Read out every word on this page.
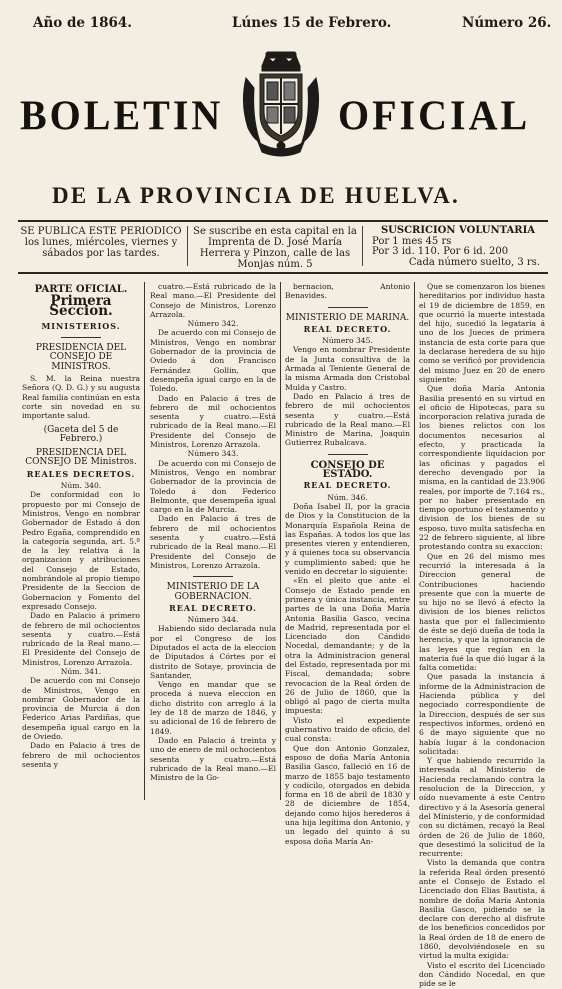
Año de 1864.	Lúnes 15 de Febrero.	Número 26.
BOLETIN	OFICIAL
DE LA PROVINCIA DE HUELVA.
SE PUBLICA ESTE PERIODICO los lunes, miércoles, viernes y sábados por las tardes.
Se suscribe en esta capital en la Imprenta de D. José María Herrera y Pinzon, calle de las Monjas núm. 5
SUSCRICION VOLUNTARIA
Por 1 mes 45 rs
Por 3 id. 110. Por 6 id. 200
Cada número suelto, 3 rs.

PARTE OFICIAL.

Primera Seccion.

MINISTERIOS.

PRESIDENCIA DEL CONSEJO DE MINISTROS.

S. M. la Reina nuestra Señora (Q. D. G.) y su augusta Real familia continúan en esta corte sin novedad en su importante salud.

(Gaceta del 5 de Febrero.)

PRESIDENCIA DEL CONSEJO DE Ministros.

REALES DECRETOS.

Núm. 340.

De conformidad con lo propuesto por mi Consejo de Ministros, Vengo en nombrar Gobernador de Estado á don Pedro Egaña, comprendido en la categoría segunda, art. 5.º de la ley relativa á la organizacion y atribuciones del Consejo de Estado, nombrándole al propio tiempo Presidente de la Seccion de Gobernacion y Fomento del expresado Consejo.

Dado en Palacio á primero de febrero de mil ochocientos sesenta y cuatro.—Está rubricado de la Real mano.—El Presidente del Consejo de Ministros, Lorenzo Arrazola.

Núm. 341.

De acuerdo con mi Consejo de Ministros, Vengo en nombrar Gobernador de la provincia de Murcia á don Federico Arias Pardiñas, que desempeña igual cargo en la de Oviedo.

Dado en Palacio á tres de febrero de mil ochocientos sesenta y

cuatro.—Está rubricado de la Real mano.—El Presidente del Consejo de Ministros, Lorenzo Arrazola.

Número 342.

De acuerdo con mi Consejo de Ministros, Vengo en nombrar Gobernador de la provincia de Oviedo á don Francisco Fernández Gollin, que desempeña igual cargo en la de Toledo.

Dado en Palacio á tres de febrero de mil ochocientos sesenta y cuatro.—Está rubricado de la Real mano.—El Presidente del Consejo de Ministros, Lorenzo Arrazola.

Número 343.

De acuerdo con mi Consejo de Ministros, Vengo en nombrar Gobernador de la provincia de Toledo á don Federico Belmonte, que desempeña igual cargo en la de Murcia.

Dado en Palacio á tres de febrero de mil ochocientos sesenta y cuatro.—Está rubricado de la Real mano.—El Presidente del Consejo de Ministros, Lorenzo Arrazola.

MINISTERIO DE LA GOBERNACION.

REAL DECRETO.

Número 344.

Habiendo sido declarada nula por el Congreso de los Diputados el acta de la eleccion de Diputados á Córtes por el distrito de Sotaye, provincia de Santander,

Vengo en mandar que se proceda á nueva eleccion en dicho distrito con arreglo á la ley de 18 de marzo de 1846, y su adicional de 16 de febrero de 1849.

Dado en Palacio á treinta y uno de enero de mil ochocientos sesenta y cuatro.—Está rubricado de la Real mano.—El Ministro de la Go-

bernacion, Antonio Benavides.

MINISTERIO DE MARINA.

REAL DECRETO.

Número 345.

Vengo en nombrar Presidente de la Junta consultiva de la Armada al Teniente General de la misma Armada don Cristobal Mulda y Castro.

Dado en Palacio á tres de febrero de mil ochocientos sesenta y cuatro.—Está rubricado de la Real mano.—El Ministro de Marina, Joaquin Gutierrez Rubalcava.

CONSEJO DE ESTADO.

REAL DECRETO.

Núm. 346.

Doña Isabel II, por la gracia de Dios y la Constitucion de la Monarquía Española Reina de las Españas. A todos los que las presentes vieren y entendieren, y á quienes toca su observancia y cumplimiento sabed: que he venido en decretar lo siguiente:

«En el pleito que ante el Consejo de Estado pende en primera y única instancia, entre partes de la una Doña María Antonia Basilia Gasco, vecina de Madrid, representada por el Licenciado don Cándido Nocedal, demandante; y de la otra la Administracion general del Estado, representada por mi Fiscal, demandada; sobre revocacion de la Real órden de 26 de Julio de 1860, que la obligó al pago de cierta multa impuesta:

Visto el expediente gubernativo traido de oficio, del cual consta:

Que don Antonio Gonzalez, esposo de doña María Antonia Basilia Gasco, falleció en 16 de marzo de 1855 bajo testamento y codicilo, otorgados en debida forma en 18 de abril de 1830 y 28 de diciembre de 1854, dejando como hijos herederos á una hija legítima don Antonio, y un legado del quinto á su esposa doña María An-

Que se comenzaron los bienes hereditarios por individuo hasta el 19 de diciembre de 1859, en que ocurrió la muerte intestada del hijo, sucedió la legataria á uno de los Jueces de primera instancia de esta corte para que la declarase heredera de su hijo como se verificó por providencia del mismo Juez en 20 de enero siguiente:

Que doña María Antonia Basilia presentó en su virtud en el oficio de Hipotecas, para su incorporacion relativa jurada de los bienes relictos con los documentos necesarios al efecto, y practicada la correspondiente liquidacion por las oficinas y pagados el derecho devengado por la misma, en la cantidad de 23.906 reales, por importe de 7.164 rs., por no haber presentado en tiempo oportuno el testamento y division de los bienes de su esposo, tuvo multa satisfecha en 22 de febrero siguiente, al libre protestando contra su exaccion:

Que en 26 del mismo mes recurrió la interesada á la Direccion general de Contribuciones haciendo presente que con la muerte de su hijo no se llevó á efecto la division de los bienes relictos hasta que por el fallecimiento de éste se dejó dueña de toda la herencia, y que la ignorancia de las leyes que regían en la materia fué la que dió lugar á la falta cometida:

Que pasada la instancia á informe de la Administracion de Hacienda pública y del negociado correspondiente de la Direccion, después de ser sus respectivos informes, ordenó en 6 de mayo siguiente que no había lugar á la condonacion solicitada:

Y que habiendo recurrido la interesada al Ministerio de Hacienda reclamando contra la resolucion de la Direccion, y oído nuevamente á este Centro directivo y á la Asesoría general del Ministerio, y de conformidad con su dictámen, recayó la Real órden de 26 de Julio de 1860, que desestimó la solicitud de la recurrente:

Visto la demanda que contra la referida Real órden presentó ante el Consejo de Estado el Licenciado don Elias Bautista, á nombre de doña María Antonia Basilia Gasco, pidiendo se la declare con derecho al disfrute de los beneficios concedidos por la Real órden de 18 de enero de 1860, devolviéndosele en su virtud la multa exigida:

Visto el escrito del Licenciado don Cándido Nocedal, en que pide se le
